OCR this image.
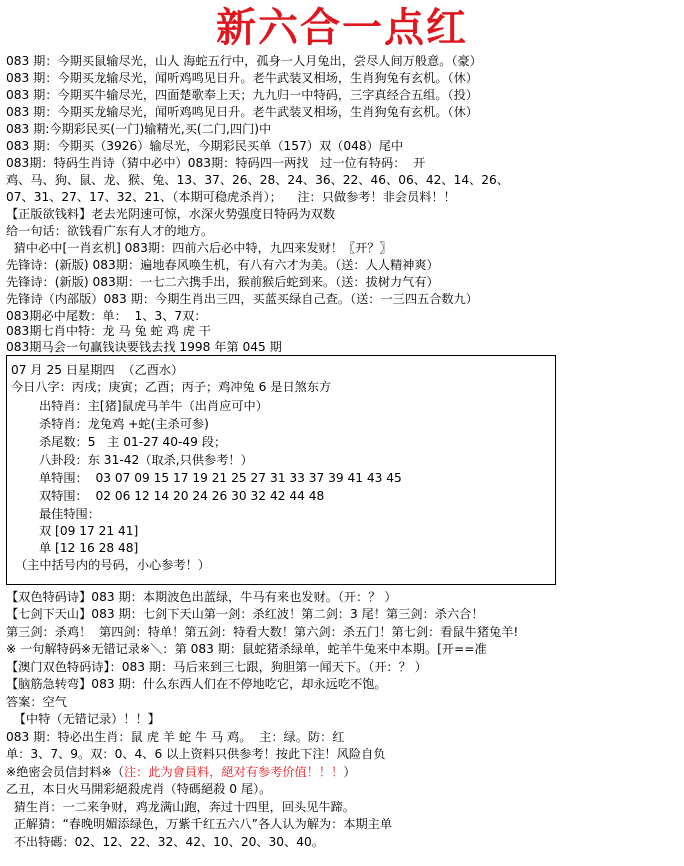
新六合一点红
083 期：今期买鼠输尽光，山人 海蛇五行中，孤身一人月兔出，尝尽人间万般意。（豪）
083 期：今期买龙输尽光，闻听鸡鸣见日升。老牛武装叉相场，生肖狗兔有玄机。（休）
083 期：今期买牛输尽光，四面楚歌奉上天；九九归一中特码，三字真经合五组。（投）
083 期：今期买龙输尽光，闻听鸡鸣见日升。老牛武装叉相场，生肖狗兔有玄机。（休）
083 期:今期彩民买(一门)输精光,买(二门,四门)中
083 期：今期买（3926）输尽光，今期彩民买单（157）双（048）尾中
083期：特码生肖诗（猜中必中）083期：特码四一两找   过一位有特码：  开
鸡、马、狗、鼠、龙、猴、兔、13、37、26、28、24、36、22、46、06、42、14、26、
07、31、27、17、32、21、（本期可稳虎杀肖）；    注：只做参考！非会员料！！
【正版欲钱料】老去光阴速可惊，水深火势强度日特码为双数
给一句话：欲钱看广东有人才的地方。
猜中必中[一肖玄机] 083期：四前六后必中特，九四来发财！〖开？〗
先锋诗：(新版) 083期：遍地春风唤生机，有八有六才为美。（送：人人精神爽）
先锋诗：(新版) 083期：一七二六携手出，猴前猴后蛇到来。（送：拔树力气有）
先锋诗（内部版）083 期：今期生肖出三四，买蓝买绿自己查。（送：一三四五合数九）
083期必中尾数：单：  1、3、7双：
083期七肖中特：龙 马 兔 蛇 鸡 虎 干
083期马会一句赢钱诀要钱去找 1998 年第 045 期
07 月 25 日星期四  （乙酉水）
今日八字：丙戌；庚寅；乙酉；丙子；鸡冲兔 6 是日煞东方
出特肖：主[猪]鼠虎马羊牛（出肖应可中）
杀特肖：龙兔鸡 +蛇(主杀可参)
杀尾数：5   主 01-27 40-49 段；
八卦段：东 31-42（取杀,只供参考！）
单特围：  03 07 09 15 17 19 21 25 27 31 33 37 39 41 43 45
双特围：  02 06 12 14 20 24 26 30 32 42 44 48
最佳特围：
双 [09 17 21 41]
单 [12 16 28 48]
（主中括号内的号码，小心参考！）
【双色特码诗】083 期：本期波色出蓝绿，牛马有来也发财。（开：？ ）
【七剑下天山】083 期：七剑下天山第一剑：杀红波！第二剑：3 尾！第三剑：杀六合！
第三剑：杀鸡！  第四剑：特单！第五剑：特看大数！第六剑：杀五门！第七剑：看鼠牛猪兔羊!
※ 一句解特码※无错记录※＼：第 083 期：鼠蛇猪杀绿单，蛇羊牛兔来中本期。[开==准
【澳门双色特码诗】：083 期：马后来到三七跟，狗胆第一闻天下。（开：？ ）
【脑筋急转弯】083 期：什么东西人们在不停地吃它，却永远吃不饱。
答案：空气
【中特（无错记录）！！】
083 期：特必出生肖：鼠 虎 羊 蛇 牛 马 鸡。  主：绿。防：红
单：3、7、9。双：0、4、6 以上资料只供参考！按此下注！风险自负
※绝密会员信封料※（注：此为會員料，絕对有参考价值！！！）
乙丑，本日火马開彩絕殺虎肖（特碼絕殺 0 尾）。
猜生肖：一二来争财，鸡龙满山跑，奔过十四里，回头见牛蹄。
正解猜：“春晚明媚添绿色，万紫千红五六八”各人认为解为：本期主单
不出特碼：02、12、22、32、42、10、20、30、40。
